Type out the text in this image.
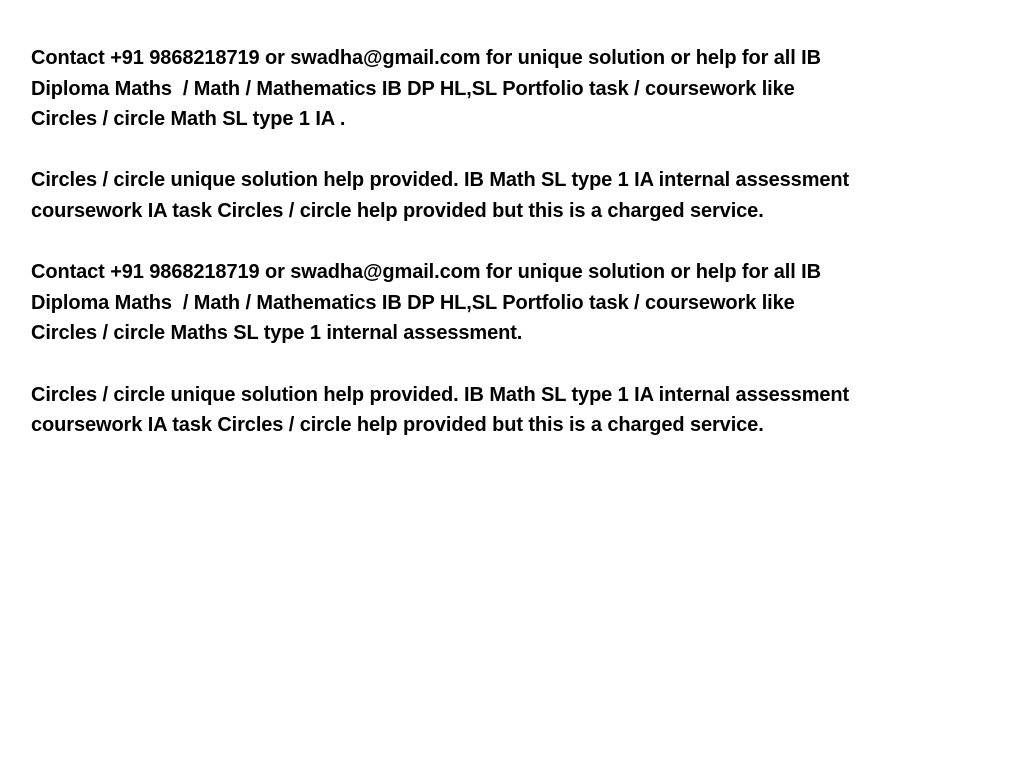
Contact +91 9868218719 or swadha@gmail.com for unique solution or help for all IB
Diploma Maths  / Math / Mathematics IB DP HL,SL Portfolio task / coursework like
Circles / circle Math SL type 1 IA .

Circles / circle unique solution help provided. IB Math SL type 1 IA internal assessment
coursework IA task Circles / circle help provided but this is a charged service.

Contact +91 9868218719 or swadha@gmail.com for unique solution or help for all IB
Diploma Maths  / Math / Mathematics IB DP HL,SL Portfolio task / coursework like
Circles / circle Maths SL type 1 internal assessment.

Circles / circle unique solution help provided. IB Math SL type 1 IA internal assessment
coursework IA task Circles / circle help provided but this is a charged service.
